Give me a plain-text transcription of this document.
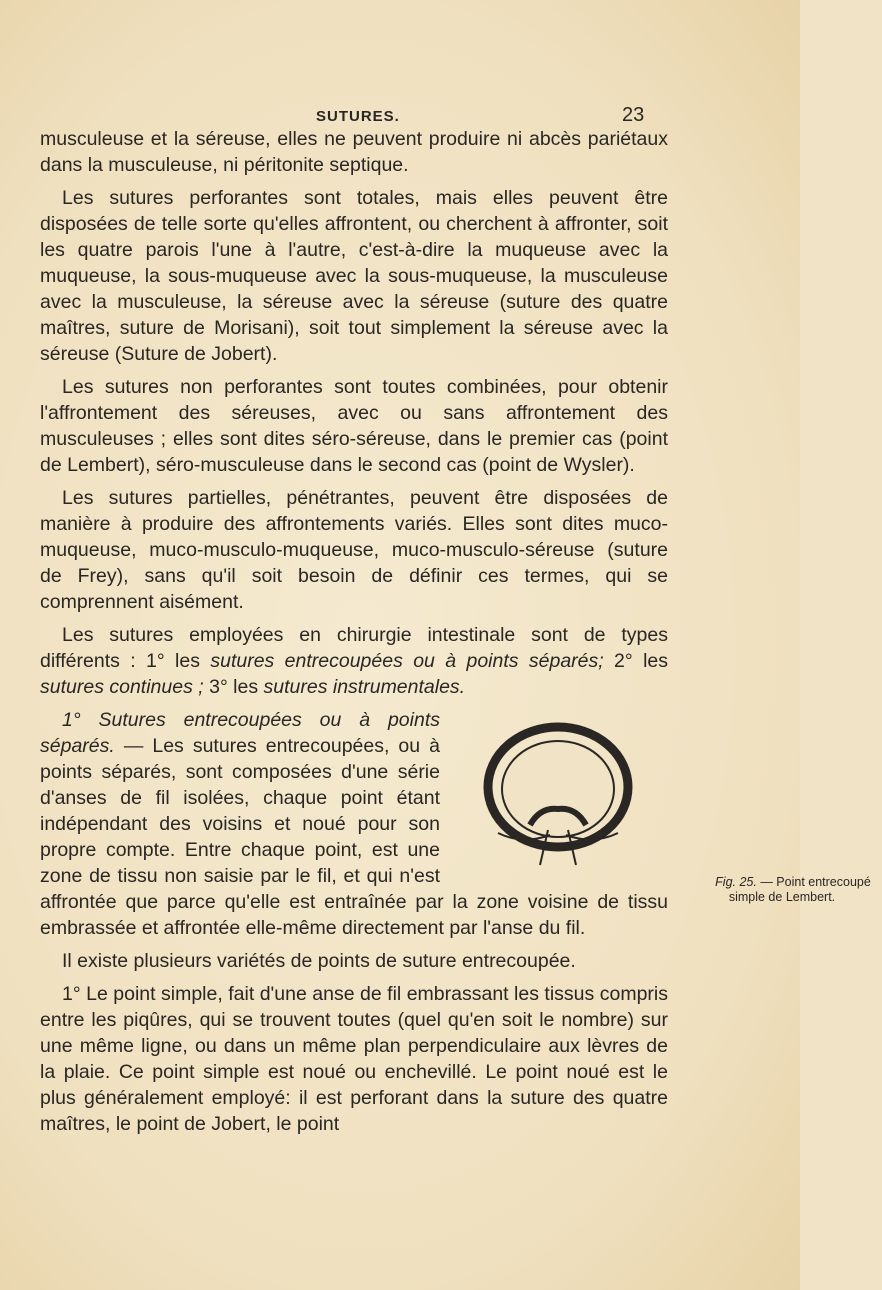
SUTURES.	23

musculeuse et la séreuse, elles ne peuvent produire ni abcès pariétaux dans la musculeuse, ni péritonite septique.

Les sutures perforantes sont totales, mais elles peuvent être disposées de telle sorte qu'elles affrontent, ou cherchent à affronter, soit les quatre parois l'une à l'autre, c'est-à-dire la muqueuse avec la muqueuse, la sous-muqueuse avec la sous-muqueuse, la musculeuse avec la musculeuse, la séreuse avec la séreuse (suture des quatre maîtres, suture de Morisani), soit tout simplement la séreuse avec la séreuse (Suture de Jobert).

Les sutures non perforantes sont toutes combinées, pour obtenir l'affrontement des séreuses, avec ou sans affrontement des musculeuses ; elles sont dites séro-séreuse, dans le premier cas (point de Lembert), séro-musculeuse dans le second cas (point de Wysler).

Les sutures partielles, pénétrantes, peuvent être disposées de manière à produire des affrontements variés. Elles sont dites muco-muqueuse, muco-musculo-muqueuse, muco-musculo-séreuse (suture de Frey), sans qu'il soit besoin de définir ces termes, qui se comprennent aisément.

Les sutures employées en chirurgie intestinale sont de types différents : 1° les sutures entrecoupées ou à points séparés; 2° les sutures continues ; 3° les sutures instrumentales.

Fig. 25. — Point entrecoupé simple de Lembert.
1° Sutures entrecoupées ou à points séparés. — Les sutures entrecoupées, ou à points séparés, sont composées d'une série d'anses de fil isolées, chaque point étant indépendant des voisins et noué pour son propre compte. Entre chaque point, est une zone de tissu non saisie par le fil, et qui n'est affrontée que parce qu'elle est entraînée par la zone voisine de tissu embrassée et affrontée elle-même directement par l'anse du fil.

Il existe plusieurs variétés de points de suture entrecoupée.

1° Le point simple, fait d'une anse de fil embrassant les tissus compris entre les piqûres, qui se trouvent toutes (quel qu'en soit le nombre) sur une même ligne, ou dans un même plan perpendiculaire aux lèvres de la plaie. Ce point simple est noué ou enchevillé. Le point noué est le plus généralement employé: il est perforant dans la suture des quatre maîtres, le point de Jobert, le point
